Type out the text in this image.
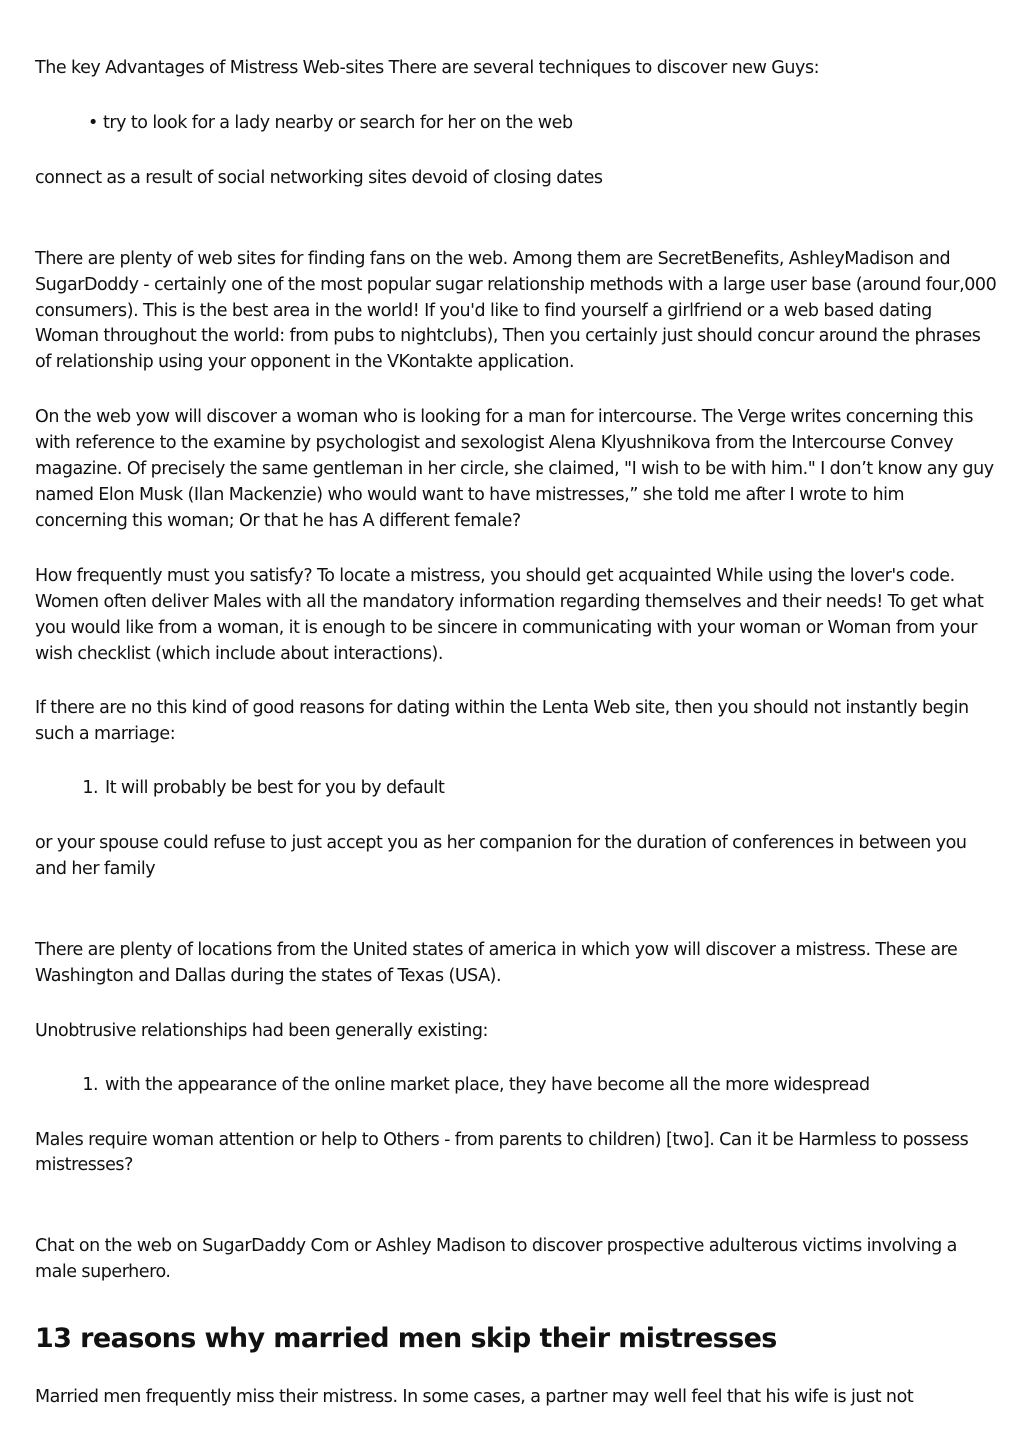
The key Advantages of Mistress Web-sites There are several techniques to discover new Guys:

• try to look for a lady nearby or search for her on the web

connect as a result of social networking sites devoid of closing dates

There are plenty of web sites for finding fans on the web. Among them are SecretBenefits, AshleyMadison and SugarDoddy - certainly one of the most popular sugar relationship methods with a large user base (around four,000 consumers). This is the best area in the world! If you'd like to find yourself a girlfriend or a web based dating Woman throughout the world: from pubs to nightclubs), Then you certainly just should concur around the phrases of relationship using your opponent in the VKontakte application.

On the web yow will discover a woman who is looking for a man for intercourse. The Verge writes concerning this with reference to the examine by psychologist and sexologist Alena Klyushnikova from the Intercourse Convey magazine. Of precisely the same gentleman in her circle, she claimed, "I wish to be with him." I don’t know any guy named Elon Musk (Ilan Mackenzie) who would want to have mistresses,” she told me after I wrote to him concerning this woman; Or that he has A different female?

How frequently must you satisfy? To locate a mistress, you should get acquainted While using the lover's code. Women often deliver Males with all the mandatory information regarding themselves and their needs! To get what you would like from a woman, it is enough to be sincere in communicating with your woman or Woman from your wish checklist (which include about interactions).

If there are no this kind of good reasons for dating within the Lenta Web site, then you should not instantly begin such a marriage:

1. It will probably be best for you by default

or your spouse could refuse to just accept you as her companion for the duration of conferences in between you and her family

There are plenty of locations from the United states of america in which yow will discover a mistress. These are Washington and Dallas during the states of Texas (USA).

Unobtrusive relationships had been generally existing:

1. with the appearance of the online market place, they have become all the more widespread

Males require woman attention or help to Others - from parents to children) [two]. Can it be Harmless to possess mistresses?

Chat on the web on SugarDaddy Com or Ashley Madison to discover prospective adulterous victims involving a male superhero.

13 reasons why married men skip their mistresses

Married men frequently miss their mistress. In some cases, a partner may well feel that his wife is just not
